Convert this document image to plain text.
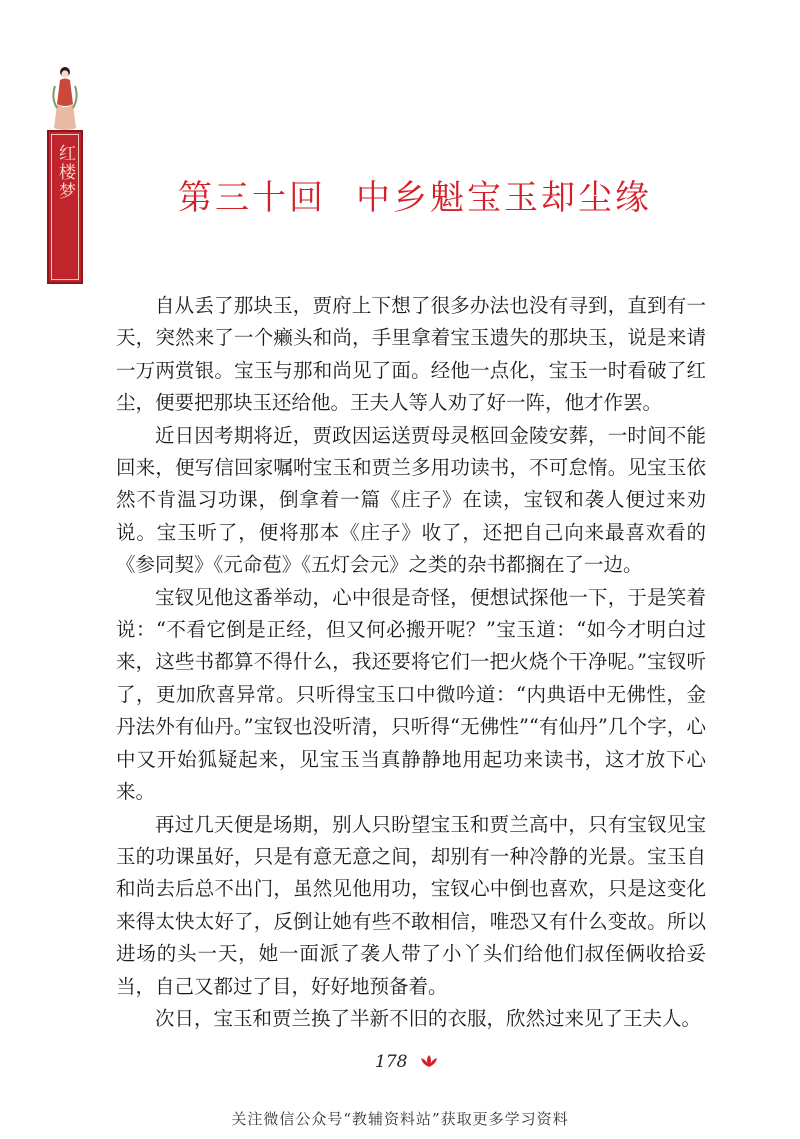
红楼梦	第三十回 中乡魁宝玉却尘缘

自从丢了那块玉，贾府上下想了很多办法也没有寻到，直到有一天，突然来了一个癞头和尚，手里拿着宝玉遗失的那块玉，说是来请一万两赏银。宝玉与那和尚见了面。经他一点化，宝玉一时看破了红尘，便要把那块玉还给他。王夫人等人劝了好一阵，他才作罢。

近日因考期将近，贾政因运送贾母灵柩回金陵安葬，一时间不能回来，便写信回家嘱咐宝玉和贾兰多用功读书，不可怠惰。见宝玉依然不肯温习功课，倒拿着一篇《庄子》在读，宝钗和袭人便过来劝说。宝玉听了，便将那本《庄子》收了，还把自己向来最喜欢看的《参同契》《元命苞》《五灯会元》之类的杂书都搁在了一边。

宝钗见他这番举动，心中很是奇怪，便想试探他一下，于是笑着说：“不看它倒是正经，但又何必搬开呢？”宝玉道：“如今才明白过来，这些书都算不得什么，我还要将它们一把火烧个干净呢。”宝钗听了，更加欣喜异常。只听得宝玉口中微吟道：“内典语中无佛性，金丹法外有仙丹。”宝钗也没听清，只听得“无佛性”“有仙丹”几个字，心中又开始狐疑起来，见宝玉当真静静地用起功来读书，这才放下心来。

再过几天便是场期，别人只盼望宝玉和贾兰高中，只有宝钗见宝玉的功课虽好，只是有意无意之间，却别有一种冷静的光景。宝玉自和尚去后总不出门，虽然见他用功，宝钗心中倒也喜欢，只是这变化来得太快太好了，反倒让她有些不敢相信，唯恐又有什么变故。所以进场的头一天，她一面派了袭人带了小丫头们给他们叔侄俩收拾妥当，自己又都过了目，好好地预备着。

次日，宝玉和贾兰换了半新不旧的衣服，欣然过来见了王夫人。

178
关注微信公众号“教辅资料站”获取更多学习资料
